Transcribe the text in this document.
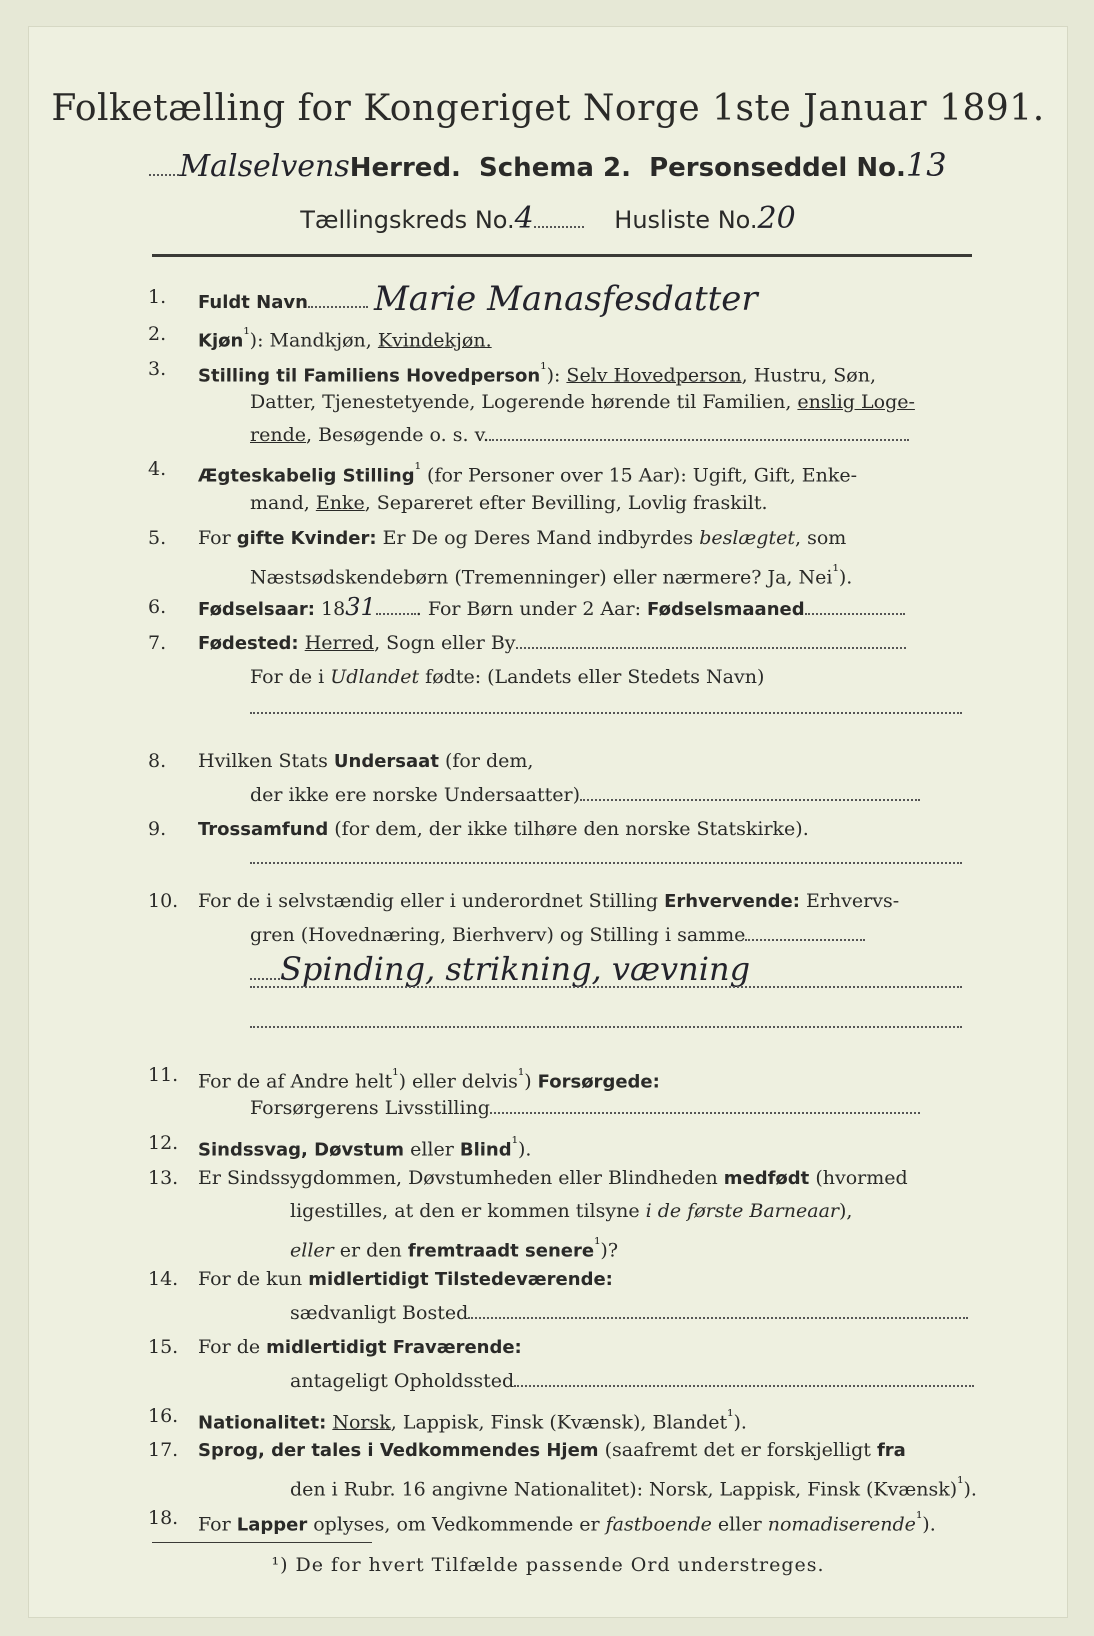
Folketælling for Kongeriget Norge 1ste Januar 1891.
MalselvensHerred. Schema 2. Personseddel No.13
Tællingskreds No.4	Husliste No.20
1.	Fuldt Navn Marie Manasfesdatter
2.	Kjøn$^{^1}$): Mandkjøn, Kvindekjøn.
3.	Stilling til Familiens Hovedperson$^{^1}$): Selv Hovedperson, Hustru, Søn,
Datter, Tjenestetyende, Logerende hørende til Familien, enslig Loge-
rende, Besøgende o. s. v.
4.	Ægteskabelig Stilling$^{^1}$ (for Personer over 15 Aar): Ugift, Gift, Enke-
mand, Enke, Separeret efter Bevilling, Lovlig fraskilt.
5.	For gifte Kvinder: Er De og Deres Mand indbyrdes beslægtet, som
Næstsødskendebørn (Tremenninger) eller nærmere? Ja, Nei$^{^1}$).
6.	Fødselsaar: 1831 . For Børn under 2 Aar: Fødselsmaaned
7.	Fødested: Herred, Sogn eller By
For de i Udlandet fødte: (Landets eller Stedets Navn)
8.	Hvilken Stats Undersaat (for dem,
der ikke ere norske Undersaatter)
9.	Trossamfund (for dem, der ikke tilhøre den norske Statskirke).
10.	For de i selvstændig eller i underordnet Stilling Erhvervende: Erhvervs-
gren (Hovednæring, Bierhverv) og Stilling i samme
Spinding, strikning, vævning
11.	For de af Andre helt$^{^1}$) eller delvis$^{^1}$) Forsørgede:
Forsørgerens Livsstilling
12.	Sindssvag, Døvstum eller Blind$^{^1}$).
13.	Er Sindssygdommen, Døvstumheden eller Blindheden medfødt (hvormed
ligestilles, at den er kommen tilsyne i de første Barneaar),
eller er den fremtraadt senere$^{^1}$)?
14.	For de kun midlertidigt Tilstedeværende:
sædvanligt Bosted
15.	For de midlertidigt Fraværende:
antageligt Opholdssted
16.	Nationalitet: Norsk, Lappisk, Finsk (Kvænsk), Blandet$^{^1}$).
17.	Sprog, der tales i Vedkommendes Hjem (saafremt det er forskjelligt fra
den i Rubr. 16 angivne Nationalitet): Norsk, Lappisk, Finsk (Kvænsk)$^{^1}$).
18.	For Lapper oplyses, om Vedkommende er fastboende eller nomadiserende$^{^1}$).
¹) De for hvert Tilfælde passende Ord understreges.
